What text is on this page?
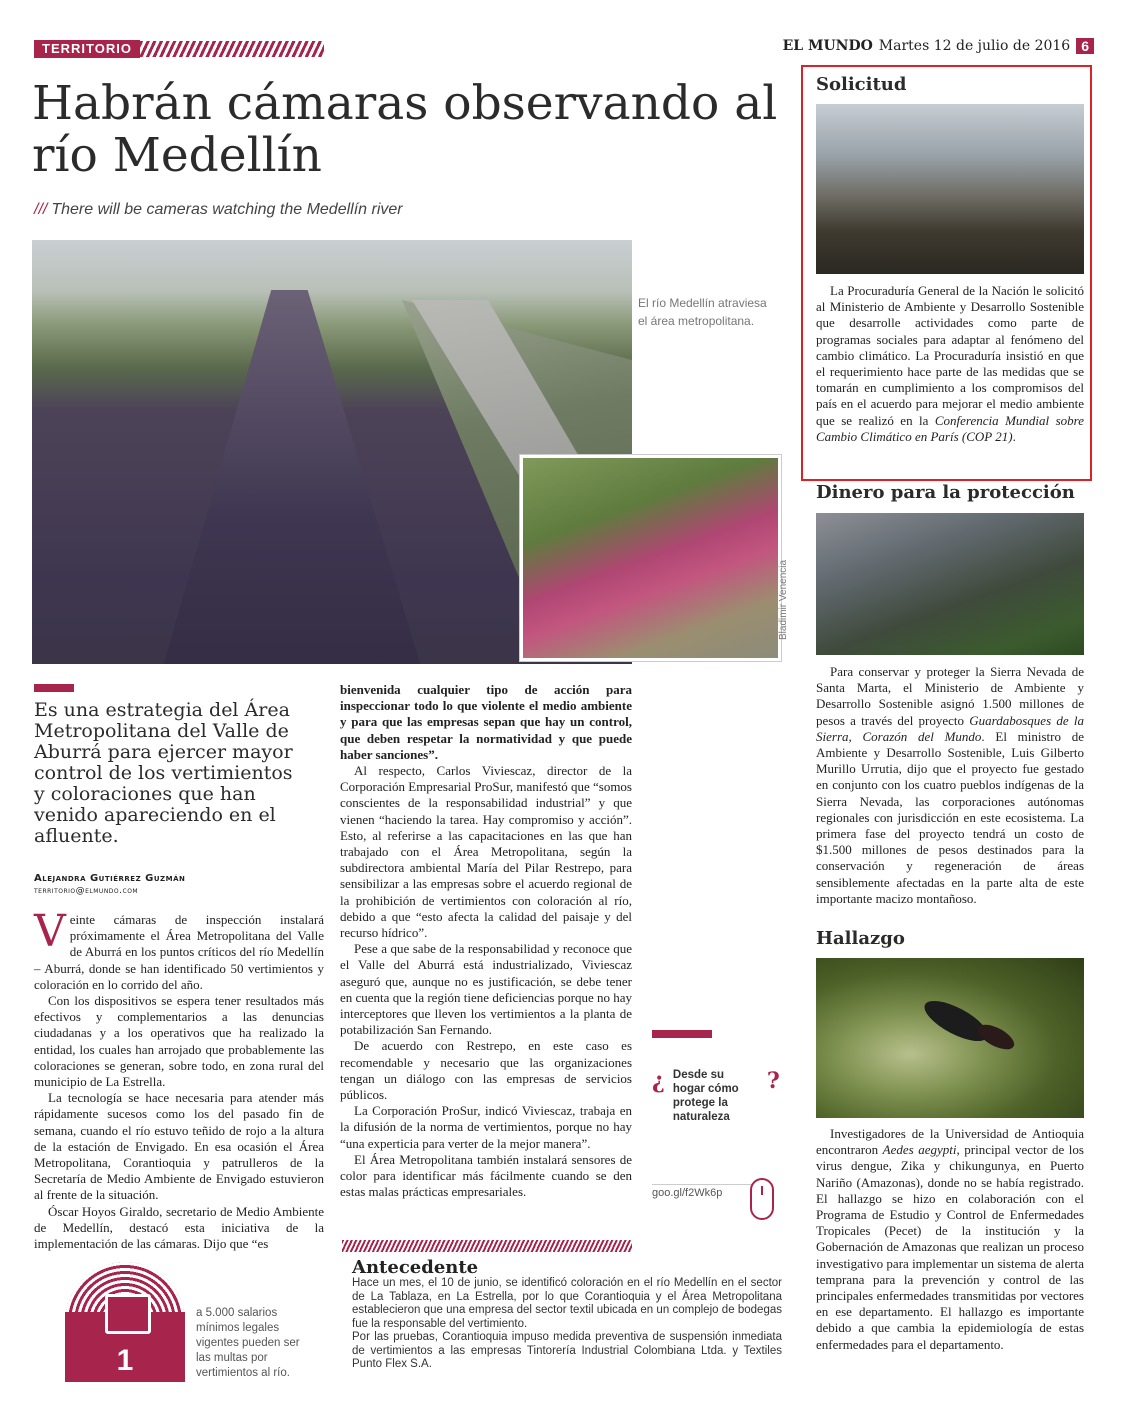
TERRITORIO	EL MUNDO Martes 12 de julio de 2016 6
Habrán cámaras observando al río Medellín
/// There will be cameras watching the Medellín river
El río Medellín atraviesa el área metropolitana.
Bladimir Venencia
Es una estrategia del Área Metropolitana del Valle de Aburrá para ejercer mayor control de los vertimientos y coloraciones que han venido apareciendo en el afluente.
Alejandra Gutiérrez Guzmán
territorio@elmundo.com

Veinte cámaras de inspección instalará próximamente el Área Metropolitana del Valle de Aburrá en los puntos críticos del río Medellín – Aburrá, donde se han identificado 50 vertimientos y coloración en lo corrido del año.

Con los dispositivos se espera tener resultados más efectivos y complementarios a las denuncias ciudadanas y a los operativos que ha realizado la entidad, los cuales han arrojado que probablemente las coloraciones se generan, sobre todo, en zona rural del municipio de La Estrella.

La tecnología se hace necesaria para atender más rápidamente sucesos como los del pasado fin de semana, cuando el río estuvo teñido de rojo a la altura de la estación de Envigado. En esa ocasión el Área Metropolitana, Corantioquia y patrulleros de la Secretaría de Medio Ambiente de Envigado estuvieron al frente de la situación.

Óscar Hoyos Giraldo, secretario de Medio Ambiente de Medellín, destacó esta iniciativa de la implementación de las cámaras. Dijo que “es

bienvenida cualquier tipo de acción para inspeccionar todo lo que violente el medio ambiente y para que las empresas sepan que hay un control, que deben respetar la normatividad y que puede haber sanciones”.

Al respecto, Carlos Viviescaz, director de la Corporación Empresarial ProSur, manifestó que “somos conscientes de la responsabilidad industrial” y que vienen “haciendo la tarea. Hay compromiso y acción”. Esto, al referirse a las capacitaciones en las que han trabajado con el Área Metropolitana, según la subdirectora ambiental María del Pilar Restrepo, para sensibilizar a las empresas sobre el acuerdo regional de la prohibición de vertimientos con coloración al río, debido a que “esto afecta la calidad del paisaje y del recurso hídrico”.

Pese a que sabe de la responsabilidad y reconoce que el Valle del Aburrá está industrializado, Viviescaz aseguró que, aunque no es justificación, se debe tener en cuenta que la región tiene deficiencias porque no hay interceptores que lleven los vertimientos a la planta de potabilización San Fernando.

De acuerdo con Restrepo, en este caso es recomendable y necesario que las organizaciones tengan un diálogo con las empresas de servicios públicos.

La Corporación ProSur, indicó Viviescaz, trabaja en la difusión de la norma de vertimientos, porque no hay “una experticia para verter de la mejor manera”.

El Área Metropolitana también instalará sensores de color para identificar más fácilmente cuando se den estas malas prácticas empresariales.

¿ Desde su hogar cómo protege la naturaleza
?
goo.gl/f2Wk6p
Antecedente
Hace un mes, el 10 de junio, se identificó coloración en el río Medellín en el sector de La Tablaza, en La Estrella, por lo que Corantioquia y el Área Metropolitana establecieron que una empresa del sector textil ubicada en un complejo de bodegas fue la responsable del vertimiento.
Por las pruebas, Corantioquia impuso medida preventiva de suspensión inmediata de vertimientos a las empresas Tintorería Industrial Colombiana Ltda. y Textiles Punto Flex S.A.
1
a 5.000 salarios mínimos legales vigentes pueden ser las multas por vertimientos al río.
Solicitud
La Procuraduría General de la Nación le solicitó al Ministerio de Ambiente y Desarrollo Sostenible que desarrolle actividades como parte de programas sociales para adaptar al fenómeno del cambio climático. La Procuraduría insistió en que el requerimiento hace parte de las medidas que se tomarán en cumplimiento a los compromisos del país en el acuerdo para mejorar el medio ambiente que se realizó en la Conferencia Mundial sobre Cambio Climático en París (COP 21).
Dinero para la protección
Para conservar y proteger la Sierra Nevada de Santa Marta, el Ministerio de Ambiente y Desarrollo Sostenible asignó 1.500 millones de pesos a través del proyecto Guardabosques de la Sierra, Corazón del Mundo. El ministro de Ambiente y Desarrollo Sostenible, Luis Gilberto Murillo Urrutia, dijo que el proyecto fue gestado en conjunto con los cuatro pueblos indígenas de la Sierra Nevada, las corporaciones autónomas regionales con jurisdicción en este ecosistema. La primera fase del proyecto tendrá un costo de $1.500 millones de pesos destinados para la conservación y regeneración de áreas sensiblemente afectadas en la parte alta de este importante macizo montañoso.
Hallazgo
Investigadores de la Universidad de Antioquia encontraron Aedes aegypti, principal vector de los virus dengue, Zika y chikungunya, en Puerto Nariño (Amazonas), donde no se había registrado. El hallazgo se hizo en colaboración con el Programa de Estudio y Control de Enfermedades Tropicales (Pecet) de la institución y la Gobernación de Amazonas que realizan un proceso investigativo para implementar un sistema de alerta temprana para la prevención y control de las principales enfermedades transmitidas por vectores en ese departamento. El hallazgo es importante debido a que cambia la epidemiología de estas enfermedades para el departamento.
